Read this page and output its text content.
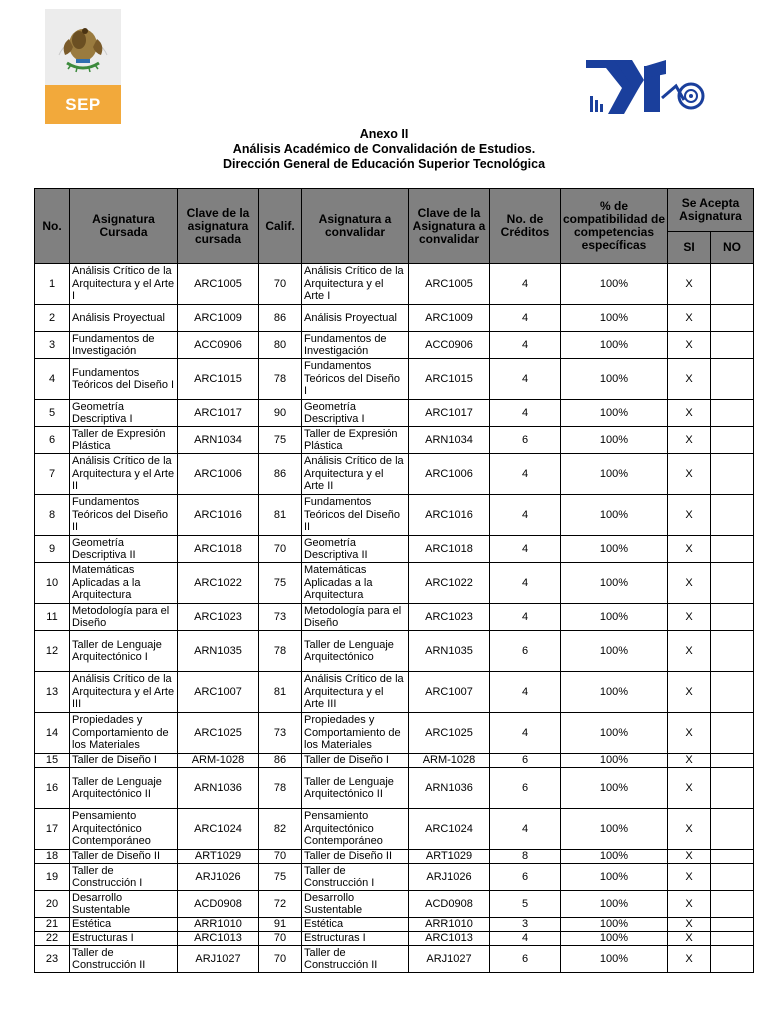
SEP
Anexo II
Análisis Académico de Convalidación de Estudios.
Dirección General de Educación Superior Tecnológica
No.	Asignatura Cursada	Clave de la asignatura cursada	Calif.	Asignatura a convalidar	Clave de la Asignatura a convalidar	No. de Créditos	% de compatibilidad de competencias específicas	Se Acepta Asignatura	
								SI	NO
1	Análisis Crítico de la Arquitectura y el Arte I	ARC1005	70	Análisis Crítico de la Arquitectura y el Arte I	ARC1005	4	100%	X	
2	Análisis Proyectual	ARC1009	86	Análisis Proyectual	ARC1009	4	100%	X	
3	Fundamentos de Investigación	ACC0906	80	Fundamentos de Investigación	ACC0906	4	100%	X	
4	Fundamentos Teóricos del Diseño I	ARC1015	78	Fundamentos Teóricos del Diseño I	ARC1015	4	100%	X	
5	Geometría Descriptiva I	ARC1017	90	Geometría Descriptiva I	ARC1017	4	100%	X	
6	Taller de Expresión Plástica	ARN1034	75	Taller de Expresión Plástica	ARN1034	6	100%	X	
7	Análisis Crítico de la Arquitectura y el Arte II	ARC1006	86	Análisis Crítico de la Arquitectura y el Arte II	ARC1006	4	100%	X	
8	Fundamentos Teóricos del Diseño II	ARC1016	81	Fundamentos Teóricos del Diseño II	ARC1016	4	100%	X	
9	Geometría Descriptiva II	ARC1018	70	Geometría Descriptiva II	ARC1018	4	100%	X	
10	Matemáticas Aplicadas a la Arquitectura	ARC1022	75	Matemáticas Aplicadas a la Arquitectura	ARC1022	4	100%	X	
11	Metodología para el Diseño	ARC1023	73	Metodología para el Diseño	ARC1023	4	100%	X	
12	Taller de Lenguaje Arquitectónico I	ARN1035	78	Taller de Lenguaje Arquitectónico	ARN1035	6	100%	X	
13	Análisis Crítico de la Arquitectura y el Arte III	ARC1007	81	Análisis Crítico de la Arquitectura y el Arte III	ARC1007	4	100%	X	
14	Propiedades y Comportamiento de los Materiales	ARC1025	73	Propiedades y Comportamiento de los Materiales	ARC1025	4	100%	X	
15	Taller de Diseño I	ARM-1028	86	Taller de Diseño I	ARM-1028	6	100%	X	
16	Taller de Lenguaje Arquitectónico II	ARN1036	78	Taller de Lenguaje Arquitectónico II	ARN1036	6	100%	X	
17	Pensamiento Arquitectónico Contemporáneo	ARC1024	82	Pensamiento Arquitectónico Contemporáneo	ARC1024	4	100%	X	
18	Taller de Diseño II	ART1029	70	Taller de Diseño II	ART1029	8	100%	X	
19	Taller de Construcción I	ARJ1026	75	Taller de Construcción I	ARJ1026	6	100%	X	
20	Desarrollo Sustentable	ACD0908	72	Desarrollo Sustentable	ACD0908	5	100%	X	
21	Estética	ARR1010	91	Estética	ARR1010	3	100%	X	
22	Estructuras I	ARC1013	70	Estructuras I	ARC1013	4	100%	X	
23	Taller de Construcción II	ARJ1027	70	Taller de Construcción II	ARJ1027	6	100%	X	
